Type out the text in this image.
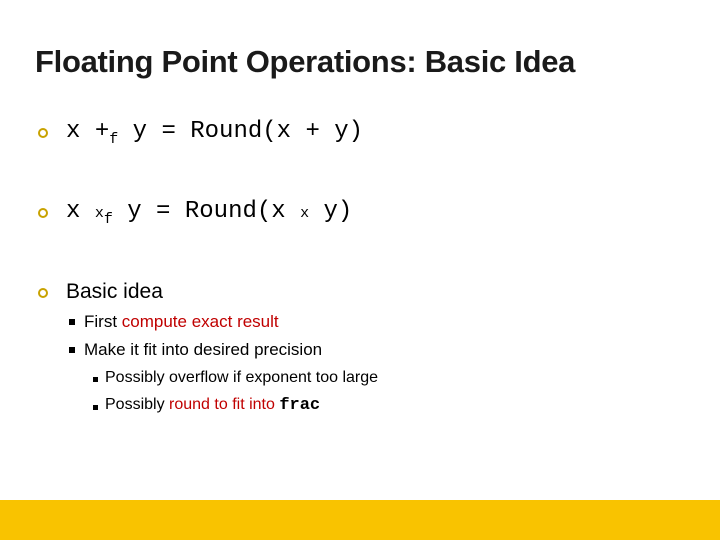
Floating Point Operations: Basic Idea
$x +_f$ y = Round(x + y)
x $x_f$ y = Round(x x y)
Basic idea
First compute exact result
Make it fit into desired precision
Possibly overflow if exponent too large
Possibly round to fit into frac
